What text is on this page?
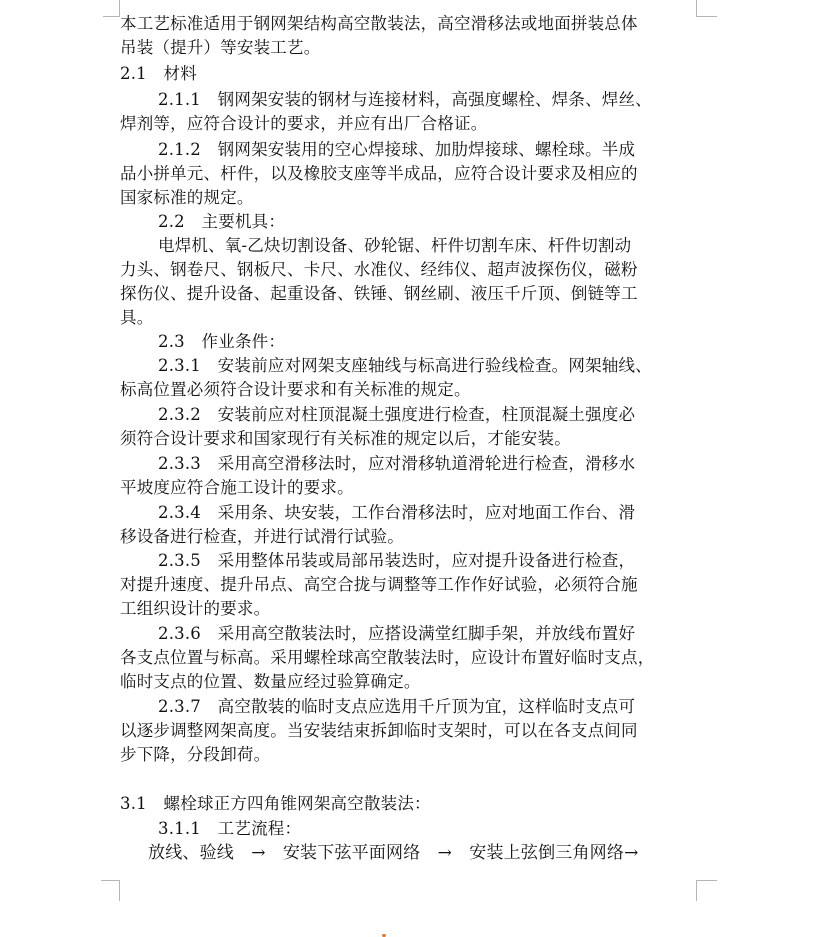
本工艺标准适用于钢网架结构高空散装法，高空滑移法或地面拼装总体
吊装（提升）等安装工艺。
2.1　材料
2.1.1　钢网架安装的钢材与连接材料，高强度螺栓、焊条、焊丝、
焊剂等，应符合设计的要求，并应有出厂合格证。
2.1.2　钢网架安装用的空心焊接球、加肋焊接球、螺栓球。半成
品小拼单元、杆件，以及橡胶支座等半成品，应符合设计要求及相应的
国家标准的规定。
2.2　主要机具：
电焊机、氧-乙炔切割设备、砂轮锯、杆件切割车床、杆件切割动
力头、钢卷尺、钢板尺、卡尺、水准仪、经纬仪、超声波探伤仪，磁粉
探伤仪、提升设备、起重设备、铁锤、钢丝刷、液压千斤顶、倒链等工
具。
2.3　作业条件：
2.3.1　安装前应对网架支座轴线与标高进行验线检查。网架轴线、
标高位置必须符合设计要求和有关标准的规定。
2.3.2　安装前应对柱顶混凝土强度进行检查，柱顶混凝土强度必
须符合设计要求和国家现行有关标准的规定以后，才能安装。
2.3.3　采用高空滑移法时，应对滑移轨道滑轮进行检查，滑移水
平坡度应符合施工设计的要求。
2.3.4　采用条、块安装，工作台滑移法时，应对地面工作台、滑
移设备进行检查，并进行试滑行试验。
2.3.5　采用整体吊装或局部吊装迭时，应对提升设备进行检查，
对提升速度、提升吊点、高空合拢与调整等工作作好试验，必须符合施
工组织设计的要求。
2.3.6　采用高空散装法时，应搭设满堂红脚手架，并放线布置好
各支点位置与标高。采用螺栓球高空散装法时，应设计布置好临时支点，
临时支点的位置、数量应经过验算确定。
2.3.7　高空散装的临时支点应选用千斤顶为宜，这样临时支点可
以逐步调整网架高度。当安装结束拆卸临时支架时，可以在各支点间同
步下降，分段卸荷。
3.1　螺栓球正方四角锥网架高空散装法：
3.1.1　工艺流程：
放线、验线　→　安装下弦平面网络　→　安装上弦倒三角网络→
